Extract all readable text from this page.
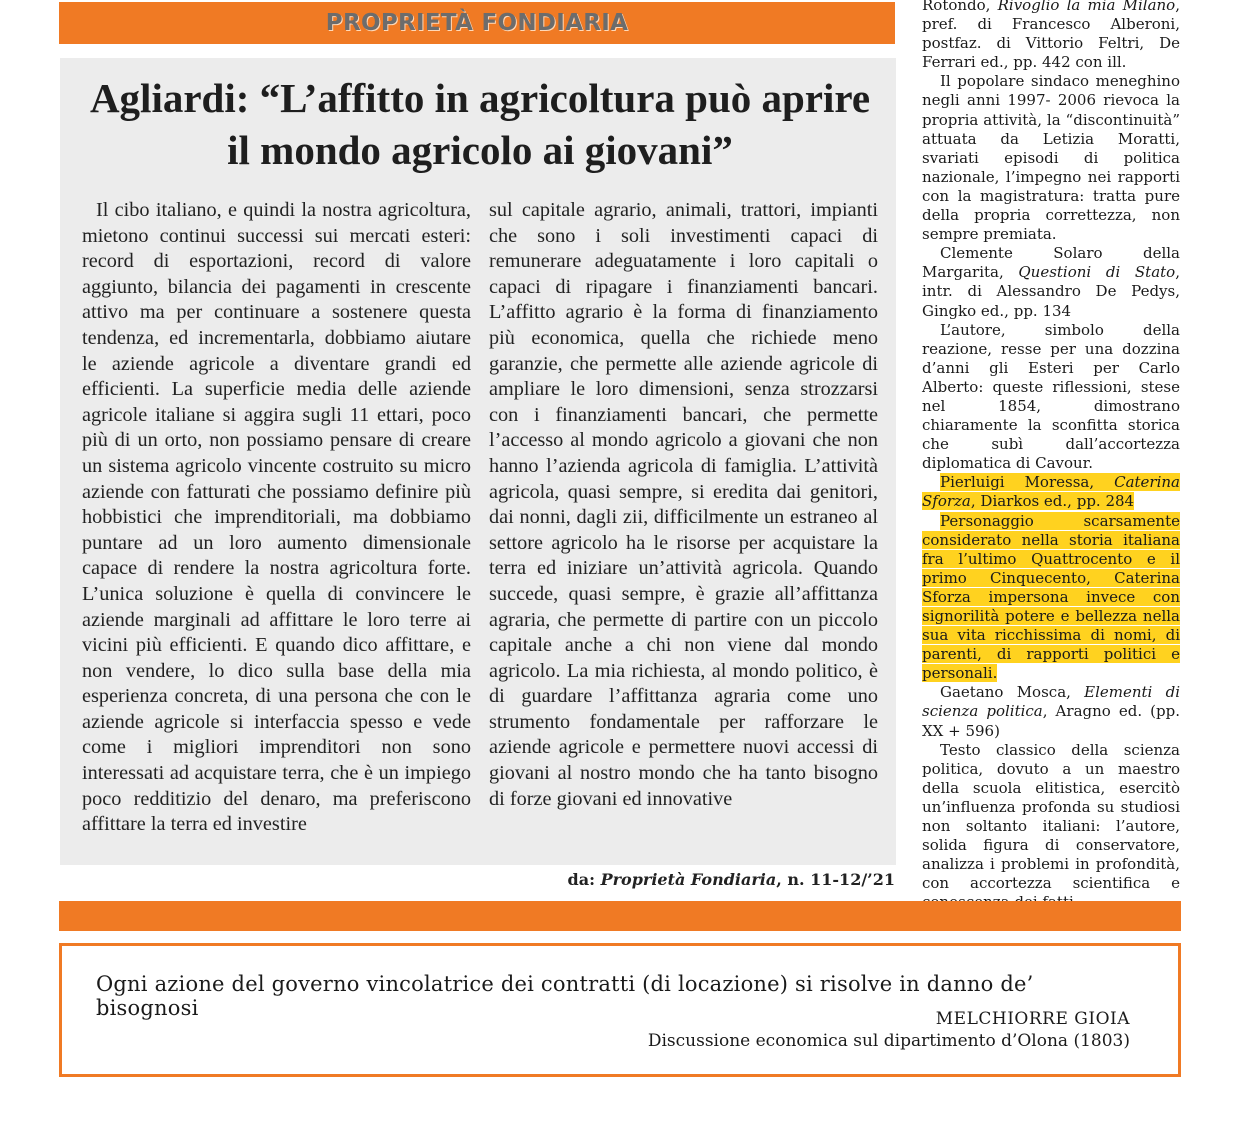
PROPRIETÀ FONDIARIA
Agliardi: “L’affitto in agricoltura può aprire il mondo agricolo ai giovani”

Il cibo italiano, e quindi la nostra agricoltura, mietono continui successi sui mercati esteri: record di esportazioni, record di valore aggiunto, bilancia dei pagamenti in crescente attivo ma per continuare a sostenere questa tendenza, ed incrementarla, dobbiamo aiutare le aziende agricole a diventare grandi ed efficienti. La superficie media delle aziende agricole italiane si aggira sugli 11 ettari, poco più di un orto, non possiamo pensare di creare un sistema agricolo vincente costruito su micro aziende con fatturati che possiamo definire più hobbistici che imprenditoriali, ma dobbiamo puntare ad un loro aumento dimensionale capace di rendere la nostra agricoltura forte. L’unica soluzione è quella di convincere le aziende marginali ad affittare le loro terre ai vicini più efficienti. E quando dico affittare, e non vendere, lo dico sulla base della mia esperienza concreta, di una persona che con le aziende agricole si interfaccia spesso e vede come i migliori imprenditori non sono interessati ad acquistare terra, che è un impiego poco redditizio del denaro, ma preferiscono affittare la terra ed investire

sul capitale agrario, animali, trattori, impianti che sono i soli investimenti capaci di remunerare adeguatamente i loro capitali o capaci di ripagare i finanziamenti bancari. L’affitto agrario è la forma di finanziamento più economica, quella che richiede meno garanzie, che permette alle aziende agricole di ampliare le loro dimensioni, senza strozzarsi con i finanziamenti bancari, che permette l’accesso al mondo agricolo a giovani che non hanno l’azienda agricola di famiglia. L’attività agricola, quasi sempre, si eredita dai genitori, dai nonni, dagli zii, difficilmente un estraneo al settore agricolo ha le risorse per acquistare la terra ed iniziare un’attività agricola. Quando succede, quasi sempre, è grazie all’affittanza agraria, che permette di partire con un piccolo capitale anche a chi non viene dal mondo agricolo. La mia richiesta, al mondo politico, è di guardare l’affittanza agraria come uno strumento fondamentale per rafforzare le aziende agricole e permettere nuovi accessi di giovani al nostro mondo che ha tanto bisogno di forze giovani ed innovative

da: Proprietà Fondiaria, n. 11-12/’21

Rotondo, Rivoglio la mia Milano, pref. di Francesco Alberoni, postfaz. di Vittorio Feltri, De Ferrari ed., pp. 442 con ill.

Il popolare sindaco meneghino negli anni 1997- 2006 rievoca la propria attività, la “discontinuità” attuata da Letizia Moratti, svariati episodi di politica nazionale, l’impegno nei rapporti con la magistratura: tratta pure della propria correttezza, non sempre premiata.

Clemente Solaro della Margarita, Questioni di Stato, intr. di Alessandro De Pedys, Gingko ed., pp. 134

L’autore, simbolo della reazione, resse per una dozzina d’anni gli Esteri per Carlo Alberto: queste riflessioni, stese nel 1854, dimostrano chiaramente la sconfitta storica che subì dall’accortezza diplomatica di Cavour.

Pierluigi Moressa, Caterina Sforza, Diarkos ed., pp. 284

Personaggio scarsamente considerato nella storia italiana fra l’ultimo Quattrocento e il primo Cinquecento, Caterina Sforza impersona invece con signorilità potere e bellezza nella sua vita ricchissima di nomi, di parenti, di rapporti politici e personali.

Gaetano Mosca, Elementi di scienza politica, Aragno ed. (pp. XX + 596)

Testo classico della scienza politica, dovuto a un maestro della scuola elitistica, esercitò un’influenza profonda su studiosi non soltanto italiani: l’autore, solida figura di conservatore, analizza i problemi in profondità, con accortezza scientifica e

Ogni azione del governo vincolatrice dei contratti (di locazione) si risolve in danno de’ bisognosi	MELCHIORRE GIOIA
Discussione economica sul dipartimento d’Olona (1803)
